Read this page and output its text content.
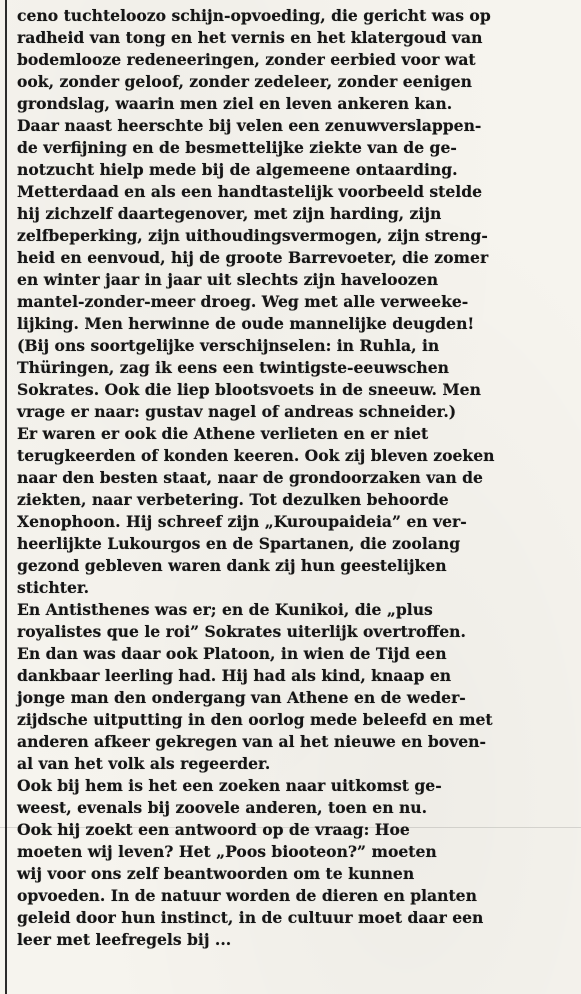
ceno tuchteloozo schijn-opvoeding, die gericht was op
radheid van tong en het vernis en het klatergoud van
bodemlooze redeneeringen, zonder eerbied voor wat
ook, zonder geloof, zonder zedeleer, zonder eenigen
grondslag, waarin men ziel en leven ankeren kan.
Daar naast heerschte bij velen een zenuwverslappen-
de verfijning en de besmettelijke ziekte van de ge-
notzucht hielp mede bij de algemeene ontaarding.
Metterdaad en als een handtastelijk voorbeeld stelde
hij zichzelf daartegenover, met zijn harding, zijn
zelfbeperking, zijn uithoudingsvermogen, zijn streng-
heid en eenvoud, hij de groote Barrevoeter, die zomer
en winter jaar in jaar uit slechts zijn haveloozen
mantel-zonder-meer droeg. Weg met alle verweeke-
lijking. Men herwinne de oude mannelijke deugden!
(Bij ons soortgelijke verschijnselen: in Ruhla, in
Thüringen, zag ik eens een twintigste-eeuwschen
Sokrates. Ook die liep blootsvoets in de sneeuw. Men
vrage er naar: gustav nagel of andreas schneider.)
Er waren er ook die Athene verlieten en er niet
terugkeerden of konden keeren. Ook zij bleven zoeken
naar den besten staat, naar de grondoorzaken van de
ziekten, naar verbetering. Tot dezulken behoorde
Xenophoon. Hij schreef zijn „Kuroupaideia” en ver-
heerlijkte Lukourgos en de Spartanen, die zoolang
gezond gebleven waren dank zij hun geestelijken
stichter.
En Antisthenes was er; en de Kunikoi, die „plus
royalistes que le roi” Sokrates uiterlijk overtroffen.
En dan was daar ook Platoon, in wien de Tijd een
dankbaar leerling had. Hij had als kind, knaap en
jonge man den ondergang van Athene en de weder-
zijdsche uitputting in den oorlog mede beleefd en met
anderen afkeer gekregen van al het nieuwe en boven-
al van het volk als regeerder.
Ook bij hem is het een zoeken naar uitkomst ge-
weest, evenals bij zoovele anderen, toen en nu.
Ook hij zoekt een antwoord op de vraag: Hoe
moeten wij leven? Het „Poos biooteon?” moeten
wij voor ons zelf beantwoorden om te kunnen
opvoeden. In de natuur worden de dieren en planten
geleid door hun instinct, in de cultuur moet daar een
leer met leefregels bij ...
